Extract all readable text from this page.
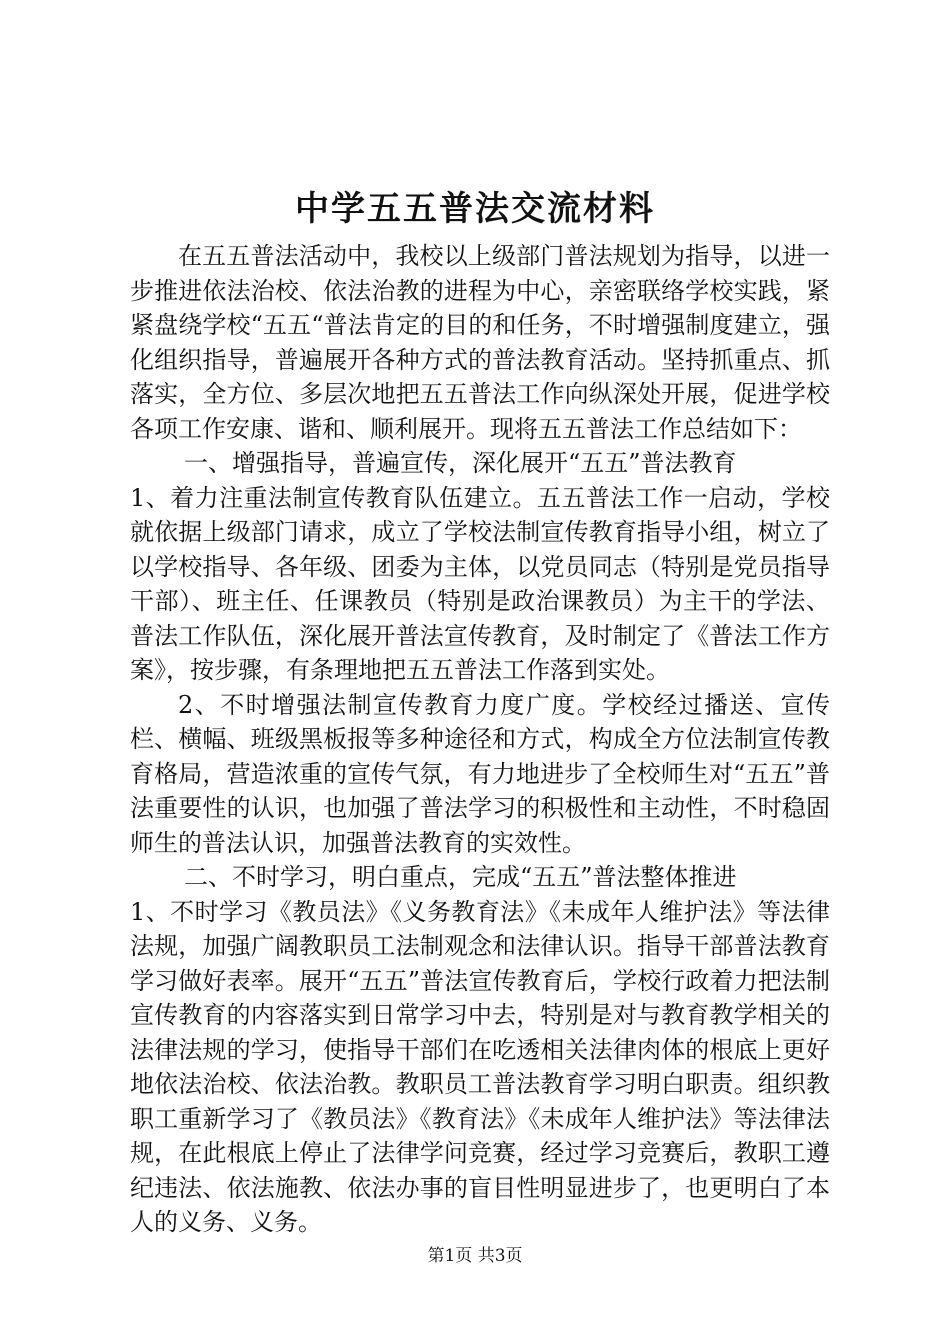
中学五五普法交流材料

在五五普法活动中，我校以上级部门普法规划为指导，以进一步推进依法治校、依法治教的进程为中心，亲密联络学校实践，紧紧盘绕学校“五五“普法肯定的目的和任务，不时增强制度建立，强化组织指导，普遍展开各种方式的普法教育活动。坚持抓重点、抓落实，全方位、多层次地把五五普法工作向纵深处开展，促进学校各项工作安康、谐和、顺利展开。现将五五普法工作总结如下：

一、增强指导，普遍宣传，深化展开“五五”普法教育

1、着力注重法制宣传教育队伍建立。五五普法工作一启动，学校就依据上级部门请求，成立了学校法制宣传教育指导小组，树立了以学校指导、各年级、团委为主体，以党员同志（特别是党员指导干部）、班主任、任课教员（特别是政治课教员）为主干的学法、普法工作队伍，深化展开普法宣传教育，及时制定了《普法工作方案》，按步骤，有条理地把五五普法工作落到实处。

2、不时增强法制宣传教育力度广度。学校经过播送、宣传栏、横幅、班级黑板报等多种途径和方式，构成全方位法制宣传教育格局，营造浓重的宣传气氛，有力地进步了全校师生对“五五”普法重要性的认识，也加强了普法学习的积极性和主动性，不时稳固师生的普法认识，加强普法教育的实效性。

二、不时学习，明白重点，完成“五五”普法整体推进

1、不时学习《教员法》《义务教育法》《未成年人维护法》等法律法规，加强广阔教职员工法制观念和法律认识。指导干部普法教育学习做好表率。展开“五五”普法宣传教育后，学校行政着力把法制宣传教育的内容落实到日常学习中去，特别是对与教育教学相关的法律法规的学习，使指导干部们在吃透相关法律肉体的根底上更好地依法治校、依法治教。教职员工普法教育学习明白职责。组织教职工重新学习了《教员法》《教育法》《未成年人维护法》等法律法规，在此根底上停止了法律学问竞赛，经过学习竞赛后，教职工遵纪违法、依法施教、依法办事的盲目性明显进步了，也更明白了本人的义务、义务。

第1页 共3页
